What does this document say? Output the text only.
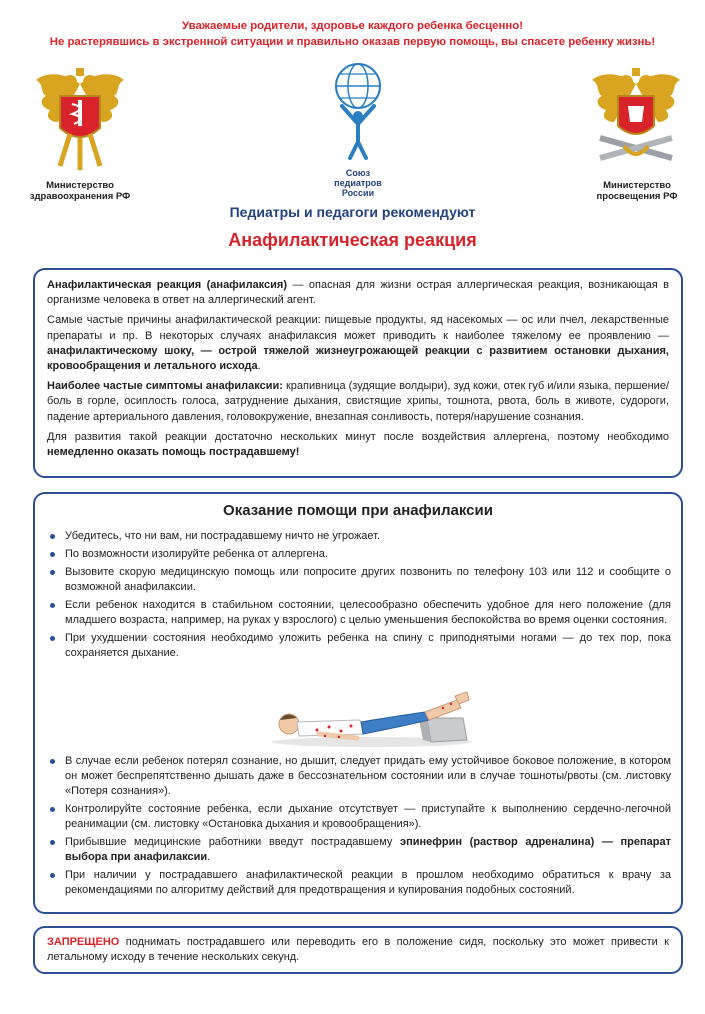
Уважаемые родители, здоровье каждого ребенка бесценно!
Не растерявшись в экстренной ситуации и правильно оказав первую помощь, вы спасете ребенку жизнь!
Министерство
здравоохранения РФ
Союз
педиатров
России
Министерство
просвещения РФ
Педиатры и педагоги рекомендуют
Анафилактическая реакция

Анафилактическая реакция (анафилаксия) — опасная для жизни острая аллергическая реакция, возникающая в организме человека в ответ на аллергический агент.

Самые частые причины анафилактической реакции: пищевые продукты, яд насекомых — ос или пчел, лекарственные препараты и пр. В некоторых случаях анафилаксия может приводить к наиболее тяжелому ее проявлению — анафилактическому шоку, — острой тяжелой жизнеугрожающей реакции с развитием остановки дыхания, кровообращения и летального исхода.

Наиболее частые симптомы анафилаксии: крапивница (зудящие волдыри), зуд кожи, отек губ и/или языка, першение/боль в горле, осиплость голоса, затруднение дыхания, свистящие хрипы, тошнота, рвота, боль в животе, судороги, падение артериального давления, головокружение, внезапная сонливость, потеря/нарушение сознания.

Для развития такой реакции достаточно нескольких минут после воздействия аллергена, поэтому необходимо немедленно оказать помощь пострадавшему!

Оказание помощи при анафилаксии
Убедитесь, что ни вам, ни пострадавшему ничто не угрожает.
По возможности изолируйте ребенка от аллергена.
Вызовите скорую медицинскую помощь или попросите других позвонить по телефону 103 или 112 и сообщите о возможной анафилаксии.
Если ребенок находится в стабильном состоянии, целесообразно обеспечить удобное для него положение (для младшего возраста, например, на руках у взрослого) с целью уменьшения беспокойства во время оценки состояния.
При ухудшении состояния необходимо уложить ребенка на спину с приподнятыми ногами — до тех пор, пока сохраняется дыхание.
В случае если ребенок потерял сознание, но дышит, следует придать ему устойчивое боковое положение, в котором он может беспрепятственно дышать даже в бессознательном состоянии или в случае тошноты/рвоты (см. листовку «Потеря сознания»).
Контролируйте состояние ребенка, если дыхание отсутствует — приступайте к выполнению сердечно-легочной реанимации (см. листовку «Остановка дыхания и кровообращения»).
Прибывшие медицинские работники введут пострадавшему эпинефрин (раствор адреналина) — препарат выбора при анафилаксии.
При наличии у пострадавшего анафилактической реакции в прошлом необходимо обратиться к врачу за рекомендациями по алгоритму действий для предотвращения и купирования подобных состояний.

ЗАПРЕЩЕНО поднимать пострадавшего или переводить его в положение сидя, поскольку это может привести к летальному исходу в течение нескольких секунд.
